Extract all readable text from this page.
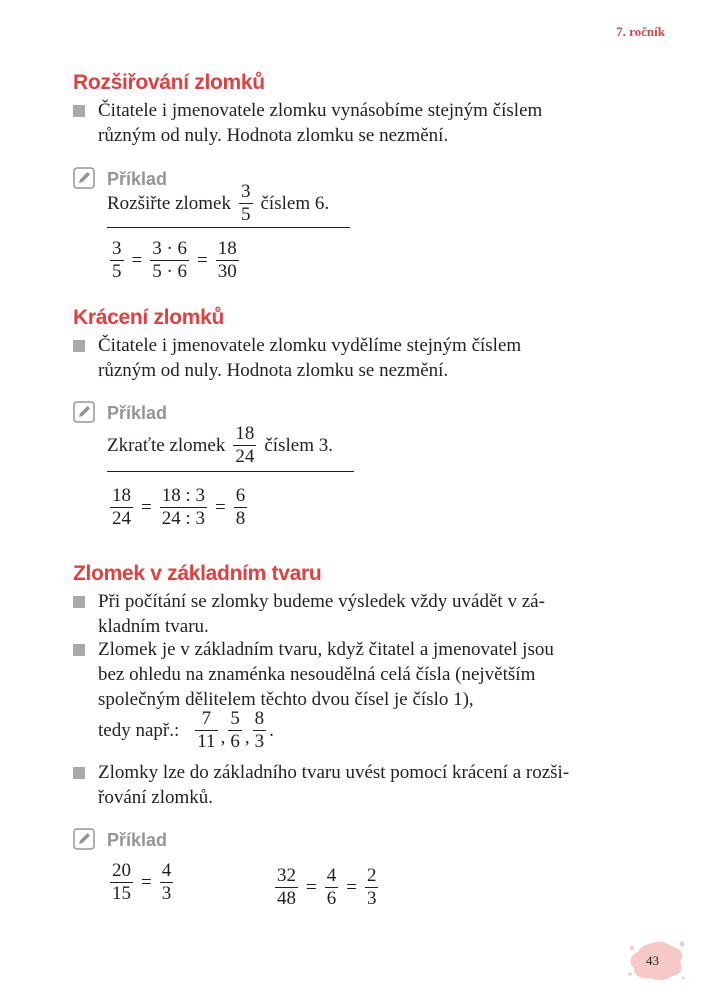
7. ročník
Rozšiřování zlomků

Čitatele i jmenovatele zlomku vynásobíme stejným číslem

různým od nuly. Hodnota zlomku se nezmění.

Příklad
Rozšiřte zlomek $\frac{3}{5}$ číslem 6.
$\frac{3}{5} = \frac{3 \cdot 6}{5 \cdot 6} = \frac{18}{30}$
Krácení zlomků

Čitatele i jmenovatele zlomku vydělíme stejným číslem

různým od nuly. Hodnota zlomku se nezmění.

Příklad
Zkraťte zlomek $\frac{18}{24}$ číslem 3.
$\frac{18}{24} = \frac{18 : 3}{24 : 3} = \frac{6}{8}$
Zlomek v základním tvaru

Při počítání se zlomky budeme výsledek vždy uvádět v zá-

kladním tvaru.

Zlomek je v základním tvaru, když čitatel a jmenovatel jsou

bez ohledu na znaménka nesoudělná celá čísla (největším

společným dělitelem těchto dvou čísel je číslo 1),

tedy např.: $\frac{7}{11}$ , $\frac{5}{6}$ , $\frac{8}{3}$ .

Zlomky lze do základního tvaru uvést pomocí krácení a rozši-

řování zlomků.

Příklad
$\frac{20}{15} = \frac{4}{3}$	$\frac{32}{48} = \frac{4}{6} = \frac{2}{3}$
43
